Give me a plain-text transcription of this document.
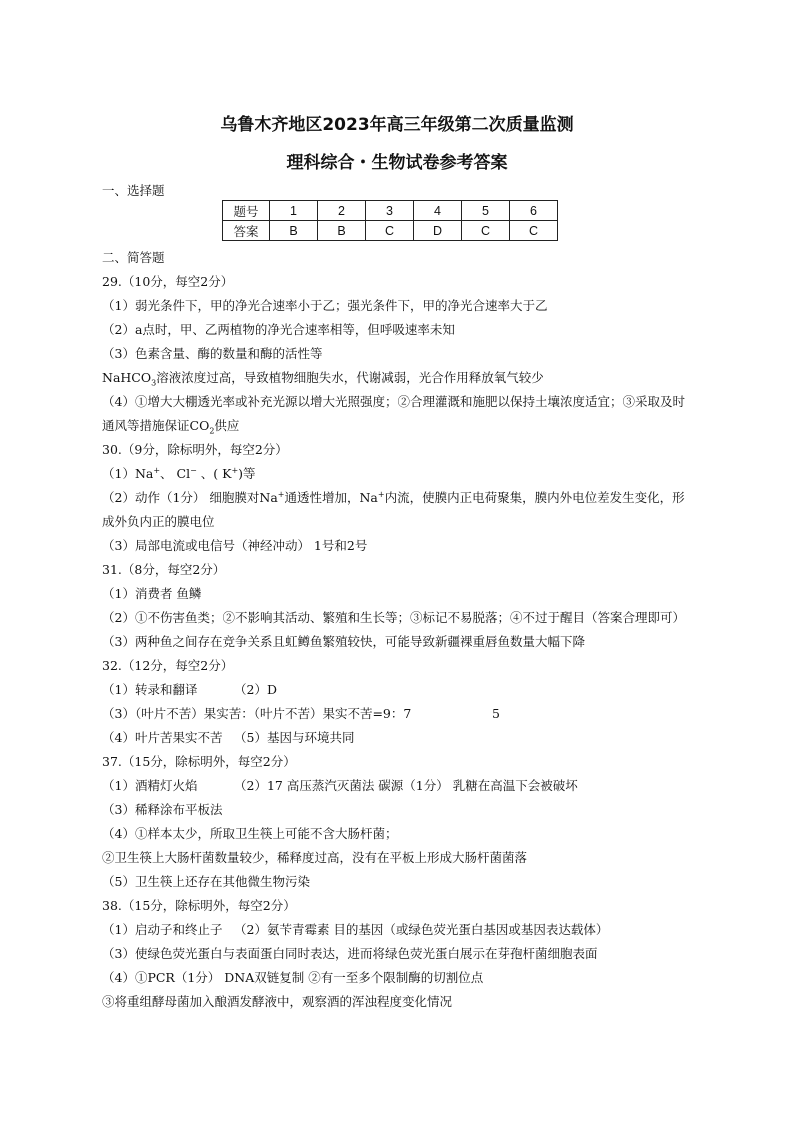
乌鲁木齐地区2023年高三年级第二次质量监测
理科综合・生物试卷参考答案
一、选择题
题号	1	2	3	4	5	6
答案	B	B	C	D	C	C
二、简答题
29.（10分，每空2分）
（1）弱光条件下，甲的净光合速率小于乙；强光条件下，甲的净光合速率大于乙
（2）a点时，甲、乙两植物的净光合速率相等，但呼吸速率未知
（3）色素含量、酶的数量和酶的活性等
NaHCO$_3$溶液浓度过高，导致植物细胞失水，代谢减弱，光合作用释放氧气较少
（4）①增大大棚透光率或补充光源以增大光照强度；②合理灌溉和施肥以保持土壤浓度适宜；③采取及时
通风等措施保证$CO_2$供应
30.（9分，除标明外，每空2分）
（1）Na+、 Cl− 、( K+)等
（2）动作（1分） 细胞膜对Na+通透性增加，Na+内流，使膜内正电荷聚集，膜内外电位差发生变化，形
成外负内正的膜电位
（3）局部电流或电信号（神经冲动） 1号和2号
31.（8分，每空2分）
（1）消费者 鱼鳞
（2）①不伤害鱼类；②不影响其活动、繁殖和生长等；③标记不易脱落；④不过于醒目（答案合理即可）
（3）两种鱼之间存在竞争关系且虹鳟鱼繁殖较快，可能导致新疆裸重唇鱼数量大幅下降
32.（12分，每空2分）
（1）转录和翻译	（2）D
（3）（叶片不苦）果实苦：（叶片不苦）果实不苦=9：7	5
（4）叶片苦果实不苦 （5）基因与环境共同
37.（15分，除标明外，每空2分）
（1）酒精灯火焰	（2）17 高压蒸汽灭菌法 碳源（1分） 乳糖在高温下会被破坏
（3）稀释涂布平板法
（4）①样本太少，所取卫生筷上可能不含大肠杆菌；
②卫生筷上大肠杆菌数量较少，稀释度过高，没有在平板上形成大肠杆菌菌落
（5）卫生筷上还存在其他微生物污染
38.（15分，除标明外，每空2分）
（1）启动子和终止子 （2）氨苄青霉素 目的基因（或绿色荧光蛋白基因或基因表达载体）
（3）使绿色荧光蛋白与表面蛋白同时表达，进而将绿色荧光蛋白展示在芽孢杆菌细胞表面
（4）①PCR（1分） DNA双链复制 ②有一至多个限制酶的切割位点
③将重组酵母菌加入酿酒发酵液中，观察酒的浑浊程度变化情况
